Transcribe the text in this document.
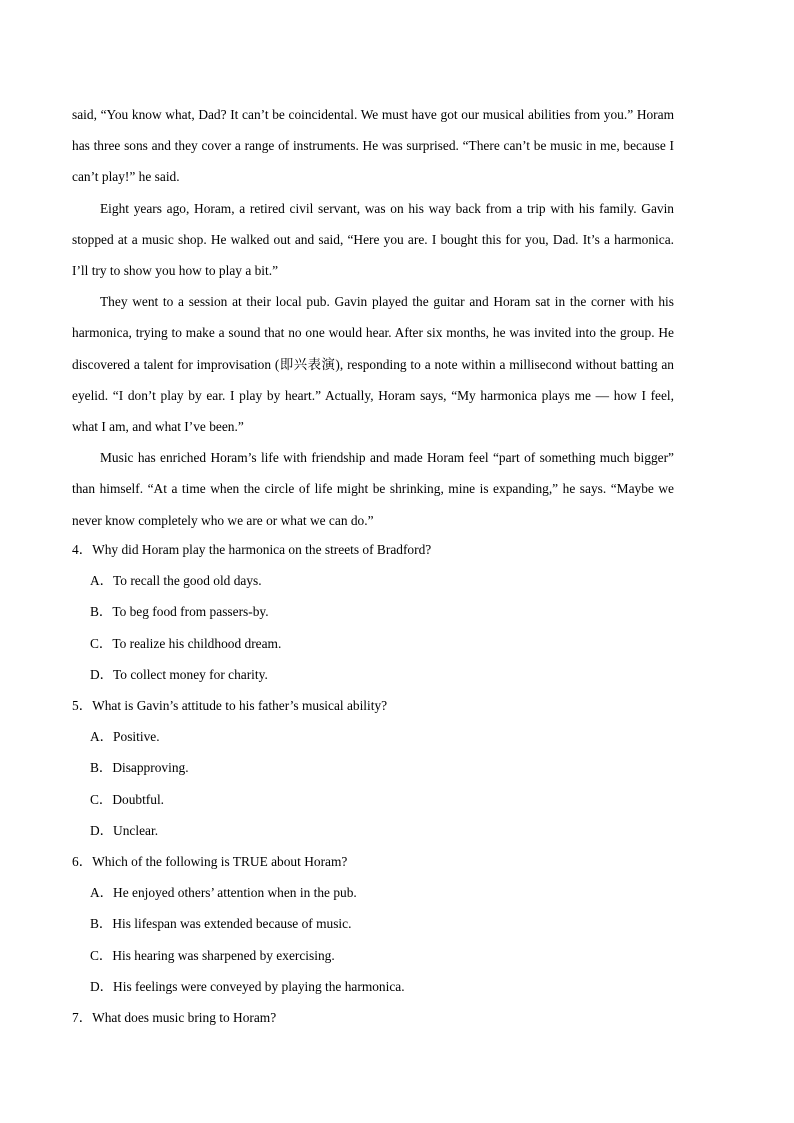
said, “You know what, Dad? It can’t be coincidental. We must have got our musical abilities from you.” Horam has three sons and they cover a range of instruments. He was surprised. “There can’t be music in me, because I can’t play!” he said.

Eight years ago, Horam, a retired civil servant, was on his way back from a trip with his family. Gavin stopped at a music shop. He walked out and said, “Here you are. I bought this for you, Dad. It’s a harmonica. I’ll try to show you how to play a bit.”

They went to a session at their local pub. Gavin played the guitar and Horam sat in the corner with his harmonica, trying to make a sound that no one would hear. After six months, he was invited into the group. He discovered a talent for improvisation (即兴表演), responding to a note within a millisecond without batting an eyelid. “I don’t play by ear. I play by heart.” Actually, Horam says, “My harmonica plays me — how I feel, what I am, and what I’ve been.”

Music has enriched Horam’s life with friendship and made Horam feel “part of something much bigger” than himself. “At a time when the circle of life might be shrinking, mine is expanding,” he says. “Maybe we never know completely who we are or what we can do.”

4．Why did Horam play the harmonica on the streets of Bradford?

A．To recall the good old days.

B．To beg food from passers-by.

C．To realize his childhood dream.

D．To collect money for charity.

5．What is Gavin’s attitude to his father’s musical ability?

A．Positive.

B．Disapproving.

C．Doubtful.

D．Unclear.

6．Which of the following is TRUE about Horam?

A．He enjoyed others’ attention when in the pub.

B．His lifespan was extended because of music.

C．His hearing was sharpened by exercising.

D．His feelings were conveyed by playing the harmonica.

7．What does music bring to Horam?
